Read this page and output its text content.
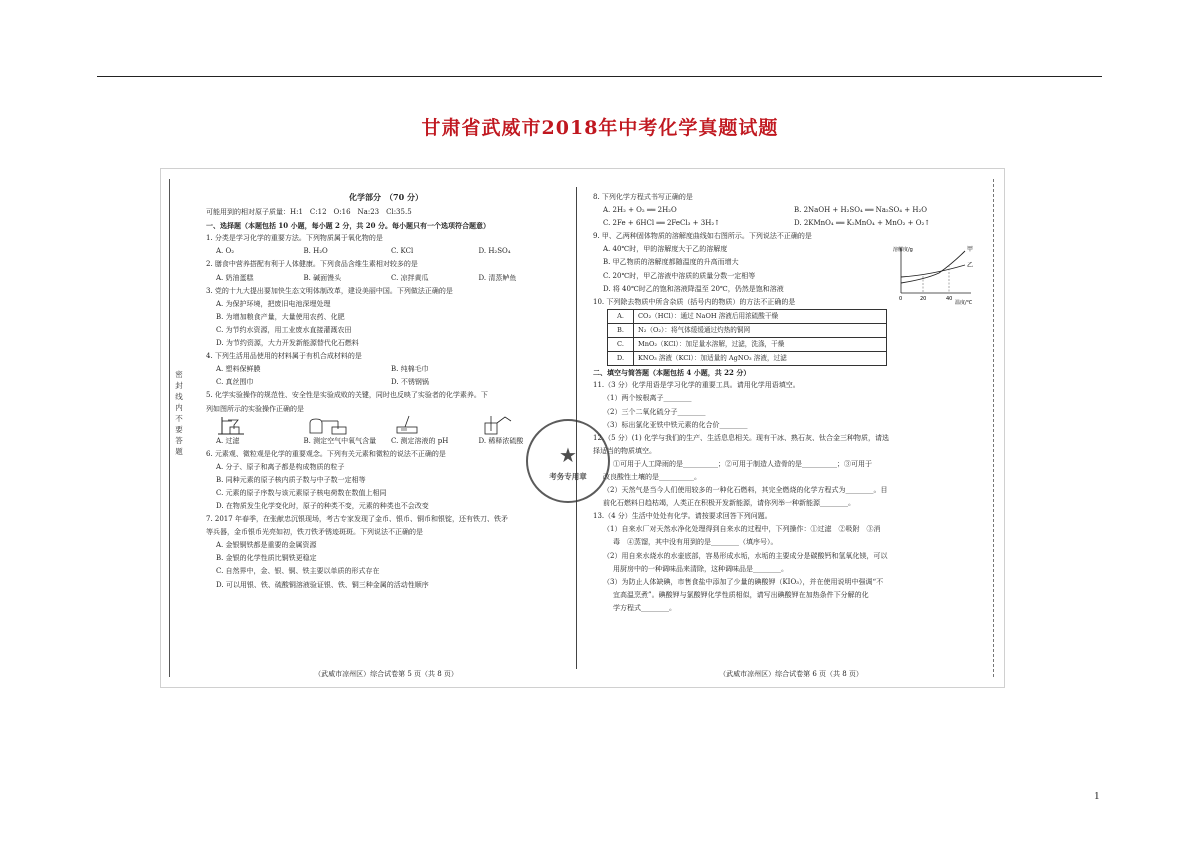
甘肃省武威市2018年中考化学真题试题
密
封
线
内
不
要
答
题

化学部分　（70 分）

可能用到的相对原子质量：H:1　C:12　O:16　Na:23　Cl:35.5

一、选择题（本题包括 10 小题，每小题 2 分，共 20 分。每小题只有一个选项符合题意）

1. 分类是学习化学的重要方法。下列物质属于氧化物的是

A. O₂	B. H₂O	C. KCl	D. H₂SO₄

2. 膳食中营养搭配有利于人体健康。下列食品含维生素相对较多的是

A. 奶油蛋糕	B. 碱面馒头	C. 凉拌黄瓜	D. 清蒸鲈鱼

3. 党的十九大提出要加快生态文明体制改革，建设美丽中国。下列做法正确的是

A. 为保护环境，把废旧电池深埋处理

B. 为增加粮食产量，大量使用农药、化肥

C. 为节约水资源，用工业废水直接灌溉农田

D. 为节约资源，大力开发新能源替代化石燃料

4. 下列生活用品使用的材料属于有机合成材料的是

A. 塑料保鲜膜	B. 纯棉毛巾
C. 真丝围巾	D. 不锈钢锅

5. 化学实验操作的规范性、安全性是实验成败的关键，同时也反映了实验者的化学素养。下

列如图所示的实验操作正确的是

A. 过滤	B. 测定空气中氧气含量 C. 测定溶液的 pH	D. 稀释浓硫酸

6. 元素观、微粒观是化学的重要观念。下列有关元素和微粒的说法不正确的是

A. 分子、原子和离子都是构成物质的粒子

B. 同种元素的原子核内质子数与中子数一定相等

C. 元素的原子序数与该元素原子核电荷数在数值上相同

D. 在物质发生化学变化时，原子的种类不变，元素的种类也不会改变

7. 2017 年春季，在张献忠沉银现场，考古专家发现了金币、银币、铜币和银锭，还有铁刀、铁矛

等兵器，金币银币光亮如初，铁刀铁矛锈迹斑斑。下列说法不正确的是

A. 金银铜铁都是重要的金属资源

B. 金银的化学性质比铜铁更稳定

C. 自然界中，金、银、铜、铁主要以单质的形式存在

D. 可以用银、铁、硫酸铜溶液验证银、铁、铜三种金属的活动性顺序

（武威市凉州区）综合试卷第 5 页（共 8 页）

8. 下列化学方程式书写正确的是

A. 2H₂ + O₂ ══ 2H₂O	B. 2NaOH + H₂SO₄ ══ Na₂SO₄ + H₂O
C. 2Fe + 6HCl ══ 2FeCl₃ + 3H₂↑	D. 2KMnO₄ ══ K₂MnO₄ + MnO₂ + O₂↑

9. 甲、乙两种固体物质的溶解度曲线如右图所示。下列说法不正确的是

A. 40℃时，甲的溶解度大于乙的溶解度

B. 甲乙物质的溶解度都随温度的升高而增大

C. 20℃时，甲乙溶液中溶质的质量分数一定相等

D. 将 40℃时乙的饱和溶液降温至 20℃，仍然是饱和溶液

10. 下列除去物质中所含杂质（括号内的物质）的方法不正确的是

A.	CO₂（HCl）：通过 NaOH 溶液后用浓硫酸干燥
B.	N₂（O₂）：将气体缓缓通过灼热的铜网
C.	MnO₂（KCl）：加足量水溶解，过滤，洗涤，干燥
D.	KNO₃ 溶液（KCl）：加适量的 AgNO₃ 溶液，过滤

二、填空与简答题（本题包括 4 小题，共 22 分）

11.（3 分）化学用语是学习化学的重要工具。请用化学用语填空。

（1）两个铵根离子________

（2）三个二氧化硫分子________

（3）标出氯化亚铁中铁元素的化合价________

12.（5 分）(1) 化学与我们的生产、生活息息相关。现有干冰、熟石灰、钛合金三种物质，请选

择适当的物质填空。

①可用于人工降雨的是__________；②可用于制造人造骨的是__________；③可用于

改良酸性土壤的是__________。

（2）天然气是当今人们使用较多的一种化石燃料，其完全燃烧的化学方程式为________。目

前化石燃料日趋枯竭，人类正在积极开发新能源，请你列举一种新能源________。

13.（4 分）生活中处处有化学。请按要求回答下列问题。

（1）自来水厂对天然水净化处理得到自来水的过程中，下列操作：①过滤　②吸附　③消

毒　④蒸馏，其中没有用到的是________（填序号）。

（2）用自来水烧水的水壶底部，容易形成水垢，水垢的主要成分是碳酸钙和氢氧化镁，可以

用厨房中的一种调味品来清除，这种调味品是________。

（3）为防止人体缺碘，市售食盐中添加了少量的碘酸钾（KIO₃），并在使用说明中强调“不

宜高温烹煮”。碘酸钾与氯酸钾化学性质相似，请写出碘酸钾在加热条件下分解的化

学方程式________。

溶解度/g	甲
乙
0	20	40
温度/℃

（武威市凉州区）综合试卷第 6 页（共 8 页）

★
考务专用章

1
